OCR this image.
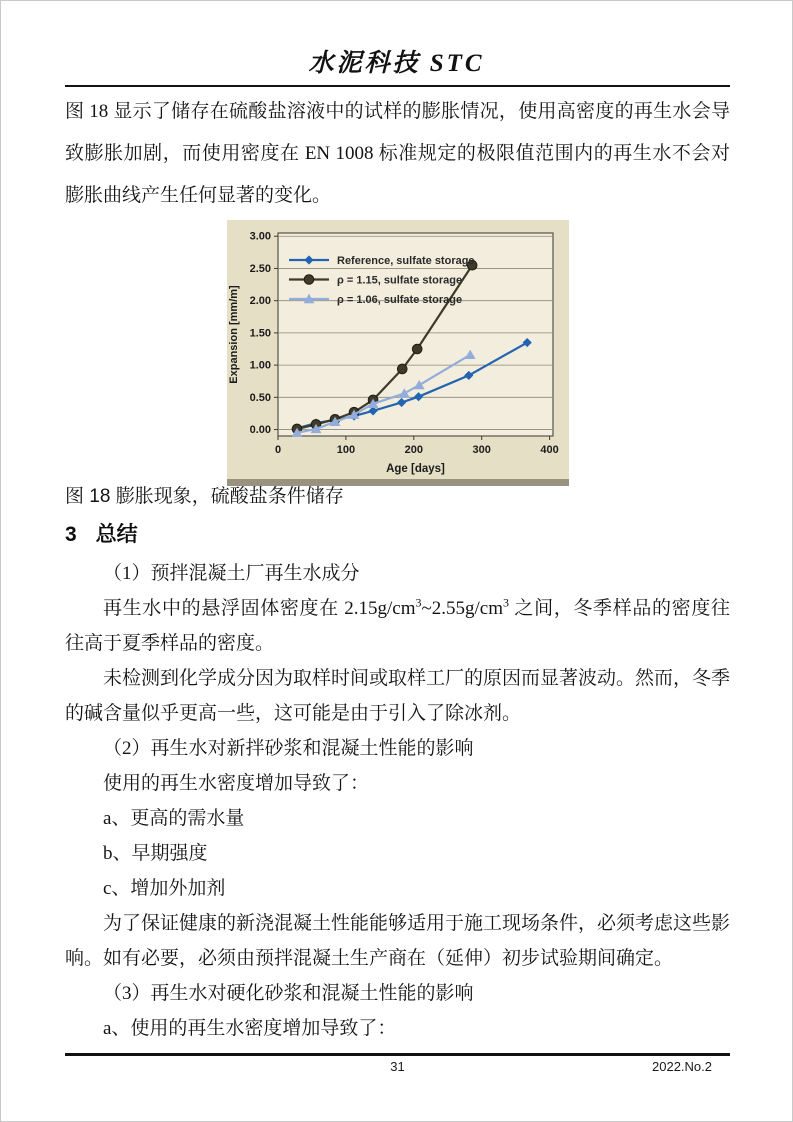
水泥科技 STC

图 18 显示了储存在硫酸盐溶液中的试样的膨胀情况，使用高密度的再生水会导致膨胀加剧，而使用密度在 EN 1008 标准规定的极限值范围内的再生水不会对膨胀曲线产生任何显著的变化。

0.00
0.50
1.00
1.50
2.00
2.50
3.00
0	100	200	300	400
Expansion [mm/m]
Age [days]
Reference, sulfate storage
ρ = 1.15, sulfate storage
ρ = 1.06, sulfate storage

图 18 膨胀现象，硫酸盐条件储存

3 总结

（1）预拌混凝土厂再生水成分

再生水中的悬浮固体密度在 $2.15g/cm^3\sim 2.55g/cm^3$ 之间，冬季样品的密度往往高于夏季样品的密度。

未检测到化学成分因为取样时间或取样工厂的原因而显著波动。然而，冬季的碱含量似乎更高一些，这可能是由于引入了除冰剂。

（2）再生水对新拌砂浆和混凝土性能的影响

使用的再生水密度增加导致了：

a、更高的需水量

b、早期强度

c、增加外加剂

为了保证健康的新浇混凝土性能能够适用于施工现场条件，必须考虑这些影响。如有必要，必须由预拌混凝土生产商在（延伸）初步试验期间确定。

（3）再生水对硬化砂浆和混凝土性能的影响

a、使用的再生水密度增加导致了：

31	2022.No.2
